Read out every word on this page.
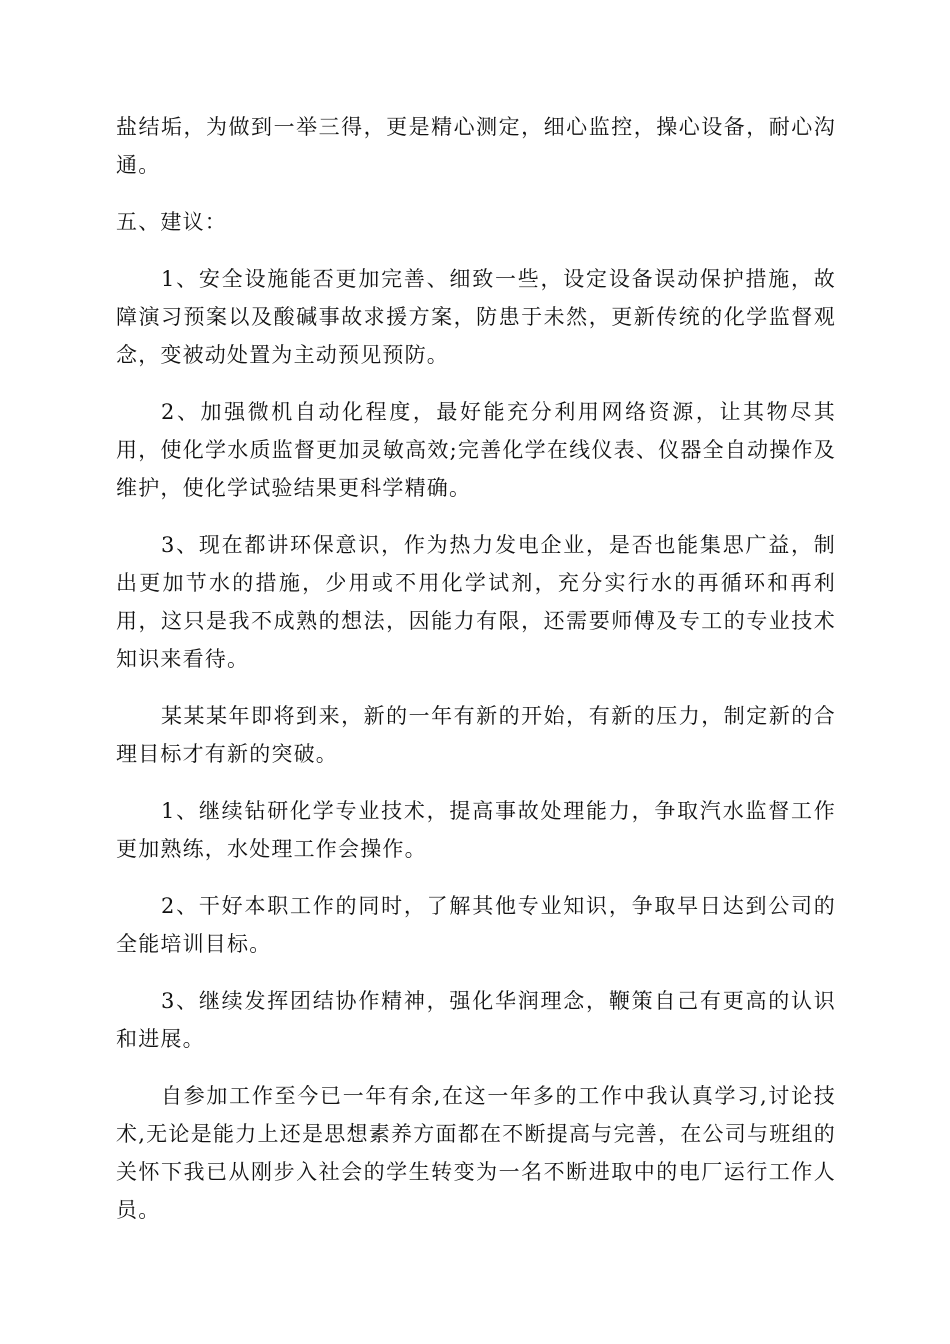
盐结垢，为做到一举三得，更是精心测定，细心监控，操心设备，耐心沟通。

五、建议：

1、安全设施能否更加完善、细致一些，设定设备误动保护措施，故障演习预案以及酸碱事故求援方案，防患于未然，更新传统的化学监督观念，变被动处置为主动预见预防。

2、加强微机自动化程度，最好能充分利用网络资源，让其物尽其用，使化学水质监督更加灵敏高效;完善化学在线仪表、仪器全自动操作及维护，使化学试验结果更科学精确。

3、现在都讲环保意识，作为热力发电企业，是否也能集思广益，制出更加节水的措施，少用或不用化学试剂，充分实行水的再循环和再利用，这只是我不成熟的想法，因能力有限，还需要师傅及专工的专业技术知识来看待。

某某某年即将到来，新的一年有新的开始，有新的压力，制定新的合理目标才有新的突破。

1、继续钻研化学专业技术，提高事故处理能力，争取汽水监督工作更加熟练，水处理工作会操作。

2、干好本职工作的同时，了解其他专业知识，争取早日达到公司的全能培训目标。

3、继续发挥团结协作精神，强化华润理念，鞭策自己有更高的认识和进展。

自参加工作至今已一年有余,在这一年多的工作中我认真学习,讨论技术,无论是能力上还是思想素养方面都在不断提高与完善，在公司与班组的关怀下我已从刚步入社会的学生转变为一名不断进取中的电厂运行工作人员。
